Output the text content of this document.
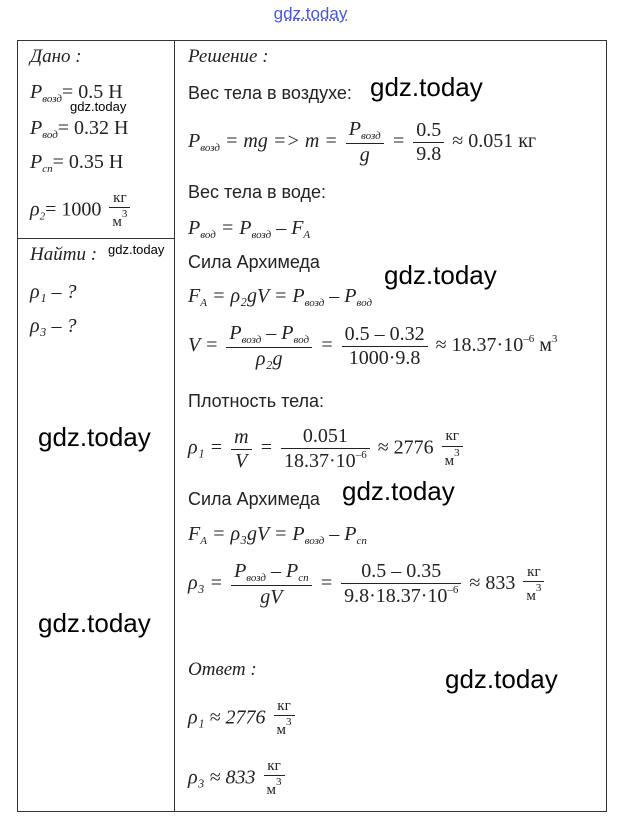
gdz.today
Дано :
$P_{возд}= 0.5$ Н
$P_{вод}= 0.32$ Н
$P_{сп}= 0.35$ Н
$\rho_2= 1000 \frac{кг}{м^3}$
Найти :
ρ₁ – ?
ρ₃ – ?
Решение :
Вес тела в воздухе:
$P_{возд}$ = mg => $m = \frac{P_{возд}}{g} = \frac{0.5}{9.8} \approx 0.051$ кг
Вес тела в воде:
$P_{вод} = P_{возд} - F_A$
Сила Архимеда
$F_A = \rho_2gV = P_{возд} - P_{вод}$
$V = \frac{P_{возд} - P_{вод}}{\text{ρ₂g}} = \frac{0.5 - 0.32}{1000\cdot 9.8} \approx 18.37\cdot 10^{-6}$ $м^3$
Плотность тела:
$\rho_1 = \frac{m}{V} = \frac{0.051}{18.37\cdot 10^{-6}} \approx 2776 \frac{кг}{м^3}$
Сила Архимеда
$F_A = \rho_3gV = P_{возд} - P_{сп}$
$\rho_3 = \frac{P_{возд} - P_{сп}}{gV} = \frac{0.5 - 0.35}{9.8\cdot 18.37\cdot 10^{-6}} \approx 833 \frac{кг}{м^3}$
Ответ :
$\rho_1 \approx 2776 \frac{кг}{м^3}$
$\rho_3 \approx 833 \frac{кг}{м^3}$
gdz.today
gdz.today
gdz.today
gdz.today
gdz.today
gdz.today
gdz.today
gdz.today
